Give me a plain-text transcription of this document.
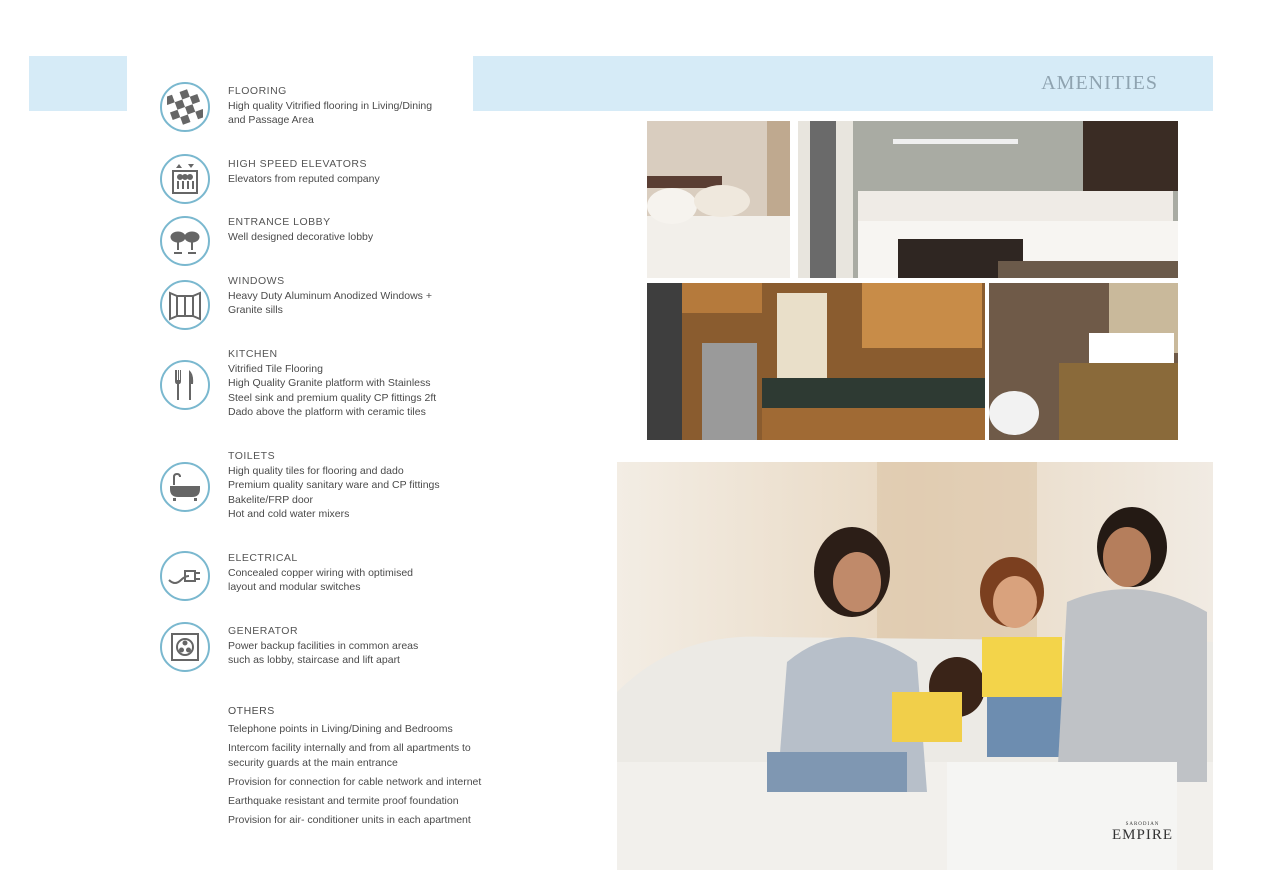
AMENITIES
FLOORING
High quality Vitrified flooring in Living/Dining
and Passage Area
HIGH SPEED ELEVATORS
Elevators from reputed company
ENTRANCE LOBBY
Well designed decorative lobby
WINDOWS
Heavy Duty Aluminum Anodized Windows +
Granite sills
KITCHEN
Vitrified Tile Flooring
High Quality Granite platform with Stainless
Steel sink and premium quality CP fittings 2ft
Dado above the platform with ceramic tiles
TOILETS
High quality tiles for flooring and dado
Premium quality sanitary ware and CP fittings
Bakelite/FRP door
Hot and cold water mixers
ELECTRICAL
Concealed copper wiring with optimised
layout and modular switches
GENERATOR
Power backup facilities in common areas
such as lobby, staircase and lift apart
OTHERS
Telephone points in Living/Dining and Bedrooms
Intercom facility internally and from all apartments to
security guards at the main entrance
Provision for connection for cable network and internet
Earthquake resistant and termite proof foundation
Provision for air- conditioner units in each apartment	SARODIAN
EMPIRE
